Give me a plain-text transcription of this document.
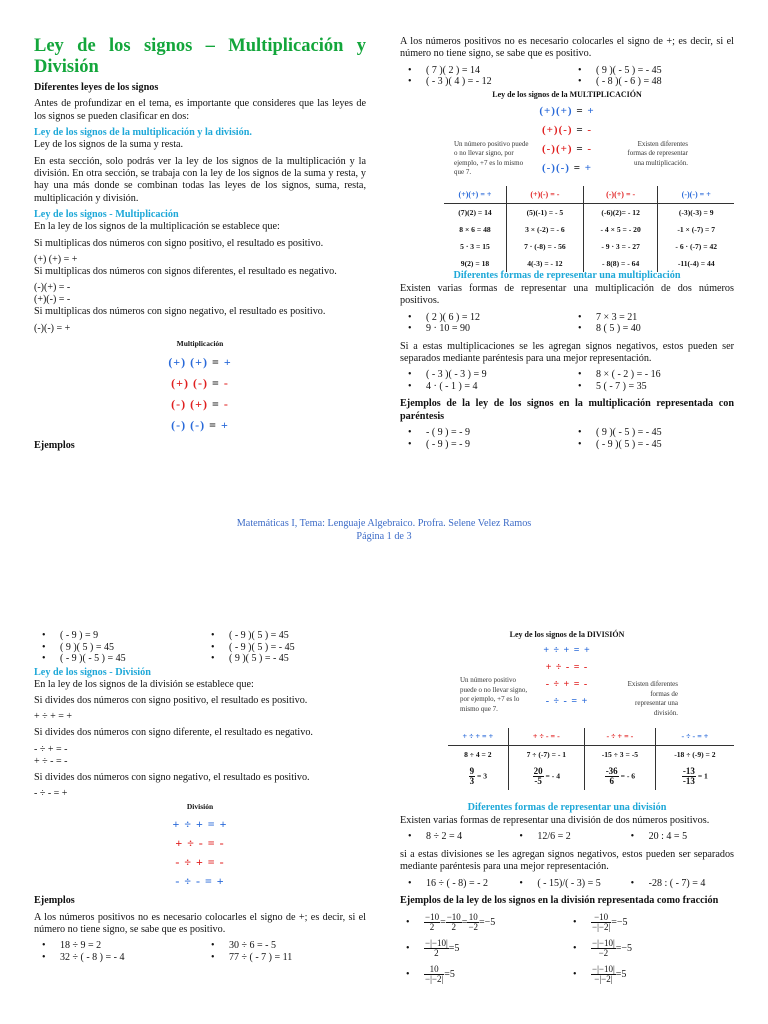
Ley de los signos – Multiplicación y División

Diferentes leyes de los signos

Antes de profundizar en el tema, es importante que consideres que las leyes de los signos se pueden clasificar en dos:

Ley de los signos de la multiplicación y la división.

Ley de los signos de la suma y resta.

En esta sección, solo podrás ver la ley de los signos de la multiplicación y la división. En otra sección, se trabaja con la ley de los signos de la suma y resta, y hay una más donde se combinan todas las leyes de los signos, suma, resta, multiplicación y división.

Ley de los signos - Multiplicación

En la ley de los signos de la multiplicación se establece que:

Si multiplicas dos números con signo positivo, el resultado es positivo.

(+) (+) = +

Si multiplicas dos números con signos diferentes, el resultado es negativo.

(-)(+) = -

(+)(-) = -

Si multiplicas dos números con signo negativo, el resultado es positivo.

(-)(-) = +

Multiplicación
(+) (+) = +
(+) (-) = -
(-) (+) = -
(-) (-) = +

Ejemplos

A los números positivos no es necesario colocarles el signo de +; es decir, si el número no tiene signo, se sabe que es positivo.

• ( 7 )( 2 ) = 14	• ( 9 )( - 5 ) = - 45
• ( - 3 )( 4 ) = - 12	• ( - 8 )( - 6 ) = 48
Ley de los signos de la MULTIPLICACIÓN
(+)(+) = +
(+)(-) = -
(-)(+) = -
(-)(-) = +
Un número positivo puede o no llevar signo, por ejemplo, +7 es lo mismo que 7.
Existen diferentes formas de representar una multiplicación.
(+)(+) = +	(+)(-) = -	(-)(+) = -	(-)(-) = +
(7)(2) = 14	(5)(-1) = - 5	(-6)(2)= - 12	(-3)(-3) = 9
8 × 6 = 48	3 × (-2) = - 6	- 4 × 5 = - 20	-1 × (-7) = 7
5 · 3 = 15	7 · (-8) = - 56	- 9 · 3 = - 27	- 6 · (-7) = 42
9(2) = 18	4(-3) = - 12	- 8(8) = - 64	-11(-4) = 44

Diferentes formas de representar una multiplicación

Existen varias formas de representar una multiplicación de dos números positivos.

• ( 2 )( 6 ) = 12	• 7 × 3 = 21
• 9 · 10 = 90	• 8 ( 5 ) = 40

Si a estas multiplicaciones se les agregan signos negativos, estos pueden ser separados mediante paréntesis para una mejor representación.

• ( - 3 )( - 3 ) = 9	• 8 × ( - 2 ) = - 16
• 4 · ( - 1 ) = 4	• 5 ( - 7 ) = 35

Ejemplos de la ley de los signos en la multiplicación representada con paréntesis

• - ( 9 ) = - 9	• ( 9 )( - 5 ) = - 45
• ( - 9 ) = - 9	• ( - 9 )( 5 ) = - 45
Matemáticas I, Tema: Lenguaje Algebraico. Profra. Selene Velez Ramos
Página 1 de 3
• ( - 9 ) = 9	• ( - 9 )( 5 ) = 45
• ( 9 )( 5 ) = 45	• ( - 9 )( 5 ) = - 45
• ( - 9 )( - 5 ) = 45	• ( 9 )( 5 ) = - 45

Ley de los signos - División

En la ley de los signos de la división se establece que:

Si divides dos números con signo positivo, el resultado es positivo.

+ ÷ + = +

Si divides dos números con signo diferente, el resultado es negativo.

- ÷ + = -

+ ÷ - = -

Si divides dos números con signo negativo, el resultado es positivo.

- ÷ - = +

División
+ ÷ + = +
+ ÷ - = -
- ÷ + = -
- ÷ - = +

Ejemplos

A los números positivos no es necesario colocarles el signo de +; es decir, si el número no tiene signo, se sabe que es positivo.

• 18 ÷ 9 = 2	• 30 ÷ 6 = - 5
• 32 ÷ ( - 8 ) = - 4	• 77 ÷ ( - 7 ) = 11
Ley de los signos de la DIVISIÓN
+ ÷ + = +
+ ÷ - = -
- ÷ + = -
- ÷ - = +
Un número positivo puede o no llevar signo, por ejemplo, +7 es lo mismo que 7.
Existen diferentes formas de representar una división.
+ ÷ + = +	+ ÷ - = -	- ÷ + = -	- ÷ - = +
8 ÷ 4 = 2	7 ÷ (-7) = - 1	-15 ÷ 3 = -5	-18 ÷ (-9) = 2

$\frac{9}{3} = 3$	$\frac{20}{-5}$ = - 4	$\frac{-36}{6}$ = - 6	$\frac{-13}{-13} = 1$

Diferentes formas de representar una división

Existen varias formas de representar una división de dos números positivos.

• 8 ÷ 2 = 4	• 12/6 = 2	• 20 : 4 = 5

si a estas divisiones se les agregan signos negativos, estos pueden ser separados mediante paréntesis para una mejor representación.

• 16 ÷ ( - 8) = - 2	• ( - 15)/( - 3) = 5	• -28 : ( - 7) = 4

Ejemplos de la ley de los signos en la división representada como fracción

• $\frac{-10}{2} = \frac{-10}{2} = \frac{10}{-2} =-5$	• $\frac{-10}{-|-2|} =-5$
• $\frac{-|-10|}{2} =5$	• $\frac{-|-10|}{-2} =-5$
• $\frac{10}{-|-2|} =5$	• $\frac{-|-10|}{-|-2|} =5$
